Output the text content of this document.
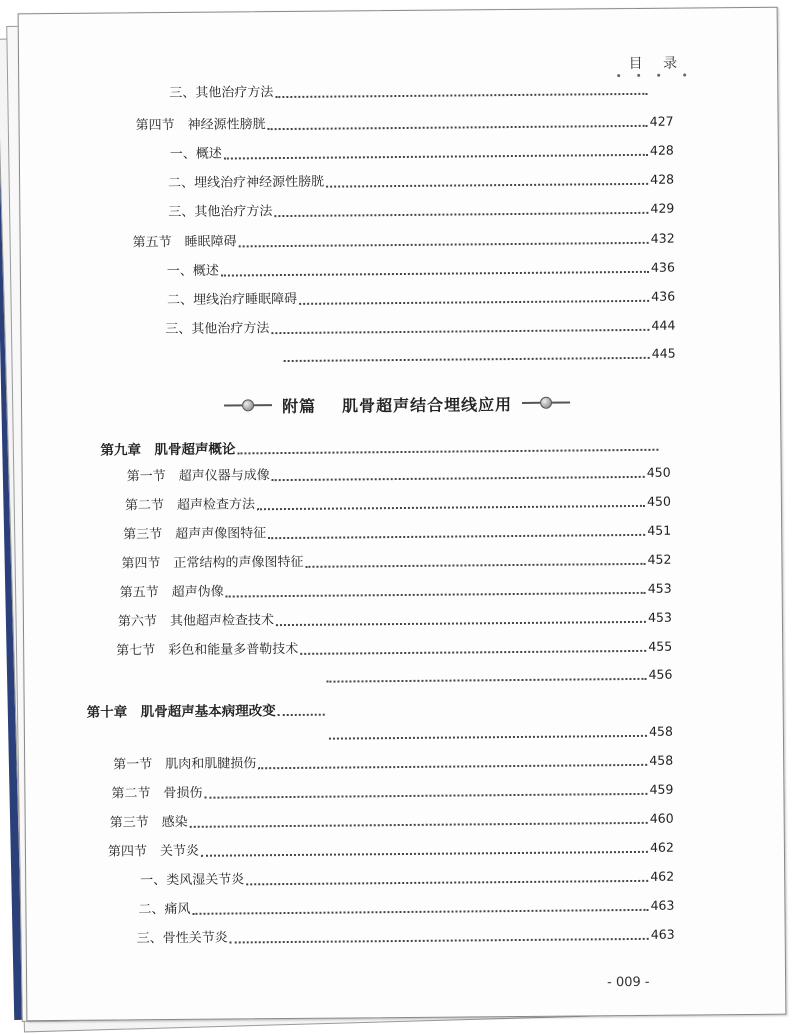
目 录
三、其他治疗方法
第四节　神经源性膀胱	427
一、概述	428
二、埋线治疗神经源性膀胱	428
三、其他治疗方法	429
第五节　睡眠障碍	432
一、概述	436
二、埋线治疗睡眠障碍	436
三、其他治疗方法	444
445
附篇 肌骨超声结合埋线应用
第九章　肌骨超声概论
第一节　超声仪器与成像	450
第二节　超声检查方法	450
第三节　超声声像图特征	451
第四节　正常结构的声像图特征	452
第五节　超声伪像	453
第六节　其他超声检查技术	453
第七节　彩色和能量多普勒技术	455
456
第十章　肌骨超声基本病理改变
458
第一节　肌肉和肌腱损伤	458
第二节　骨损伤	459
第三节　感染	460
第四节　关节炎	462
一、类风湿关节炎	462
二、痛风	463
三、骨性关节炎	463
- 009 -
